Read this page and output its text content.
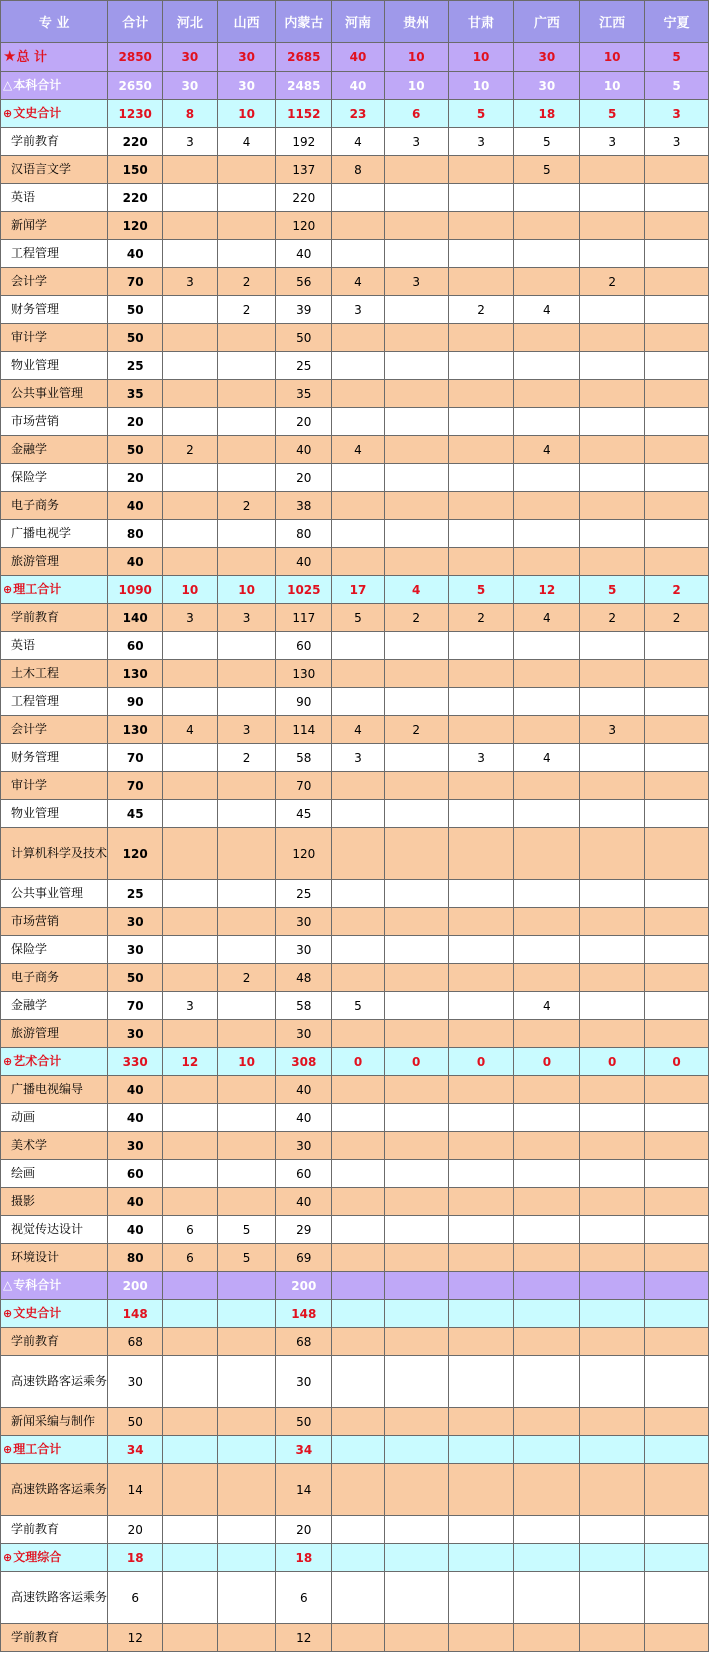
专 业	合计	河北	山西	内蒙古	河南	贵州	甘肃	广西	江西	宁夏
★总 计	2850	30	30	2685	40	10	10	30	10	5
△本科合计	2650	30	30	2485	40	10	10	30	10	5
⊕文史合计	1230	8	10	1152	23	6	5	18	5	3
学前教育	220	3	4	192	4	3	3	5	3	3
汉语言文学	150			137	8			5		
英语	220			220						
新闻学	120			120						
工程管理	40			40						
会计学	70	3	2	56	4	3			2	
财务管理	50		2	39	3		2	4		
审计学	50			50						
物业管理	25			25						
公共事业管理	35			35						
市场营销	20			20						
金融学	50	2		40	4			4		
保险学	20			20						
电子商务	40		2	38						
广播电视学	80			80						
旅游管理	40			40						
⊕理工合计	1090	10	10	1025	17	4	5	12	5	2
学前教育	140	3	3	117	5	2	2	4	2	2
英语	60			60						
土木工程	130			130						
工程管理	90			90						
会计学	130	4	3	114	4	2			3	
财务管理	70		2	58	3		3	4		
审计学	70			70						
物业管理	45			45						
计算机科学及技术	120			120						
公共事业管理	25			25						
市场营销	30			30						
保险学	30			30						
电子商务	50		2	48						
金融学	70	3		58	5			4		
旅游管理	30			30						
⊕艺术合计	330	12	10	308	0	0	0	0	0	0
广播电视编导	40			40						
动画	40			40						
美术学	30			30						
绘画	60			60						
摄影	40			40						
视觉传达设计	40	6	5	29						
环境设计	80	6	5	69						
△专科合计	200			200						
⊕文史合计	148			148						
学前教育	68			68						
高速铁路客运乘务	30			30						
新闻采编与制作	50			50						
⊕理工合计	34			34						
高速铁路客运乘务	14			14						
学前教育	20			20						
⊕文理综合	18			18						
高速铁路客运乘务	6			6						
学前教育	12			12						
